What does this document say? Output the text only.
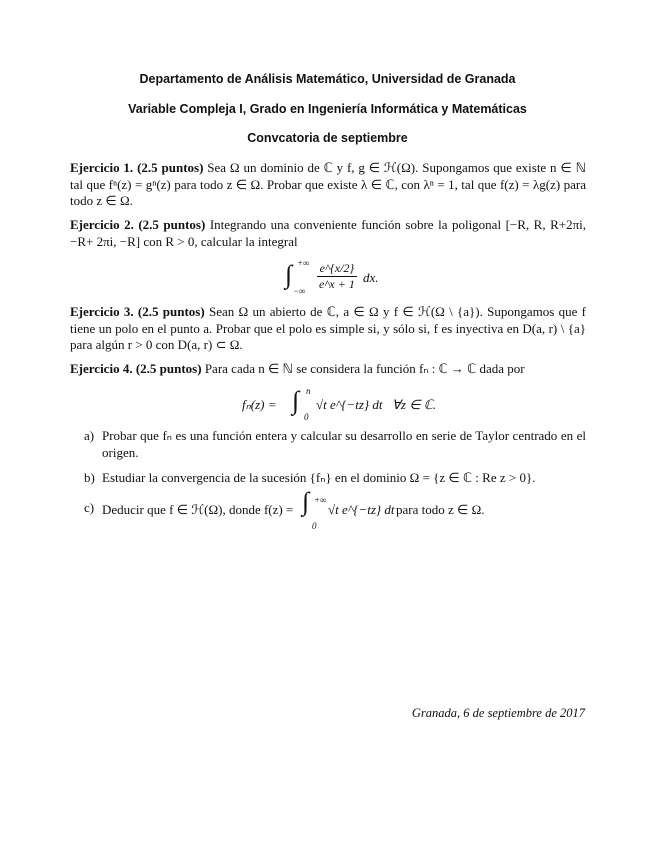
Departamento de Análisis Matemático, Universidad de Granada
Variable Compleja I, Grado en Ingeniería Informática y Matemáticas
Convcatoria de septiembre
Ejercicio 1. (2.5 puntos) Sea Ω un dominio de ℂ y f, g ∈ ℋ(Ω). Supongamos que existe n ∈ ℕ tal que fⁿ(z) = gⁿ(z) para todo z ∈ Ω. Probar que existe λ ∈ ℂ, con λⁿ = 1, tal que f(z) = λg(z) para todo z ∈ Ω.
Ejercicio 2. (2.5 puntos) Integrando una conveniente función sobre la poligonal [−R, R, R+2πi, −R+ 2πi, −R] con R > 0, calcular la integral
∫ +∞
−∞ $\frac{e\^{}\{x/2\}}{e\^{}x + 1}$ dx.
Ejercicio 3. (2.5 puntos) Sean Ω un abierto de ℂ, a ∈ Ω y f ∈ ℋ(Ω \ {a}). Supongamos que f tiene un polo en el punto a. Probar que el polo es simple si, y sólo si, f es inyectiva en D(a, r) \ {a} para algún r > 0 con D(a, r) ⊂ Ω.
Ejercicio 4. (2.5 puntos) Para cada n ∈ ℕ se considera la función fₙ : ℂ → ℂ dada por
fₙ(z) = ∫ n
0
√t e^{−tz} dt ∀z ∈ ℂ.
a) Probar que fₙ es una función entera y calcular su desarrollo en serie de Taylor centrado en el origen.
b) Estudiar la convergencia de la sucesión {fₙ} en el dominio Ω = {z ∈ ℂ : Re z > 0}.
c) Deducir que f ∈ ℋ(Ω), donde f(z) = ∫ +∞
0
√t e^{−tz} dt para todo z ∈ Ω.
Granada, 6 de septiembre de 2017
